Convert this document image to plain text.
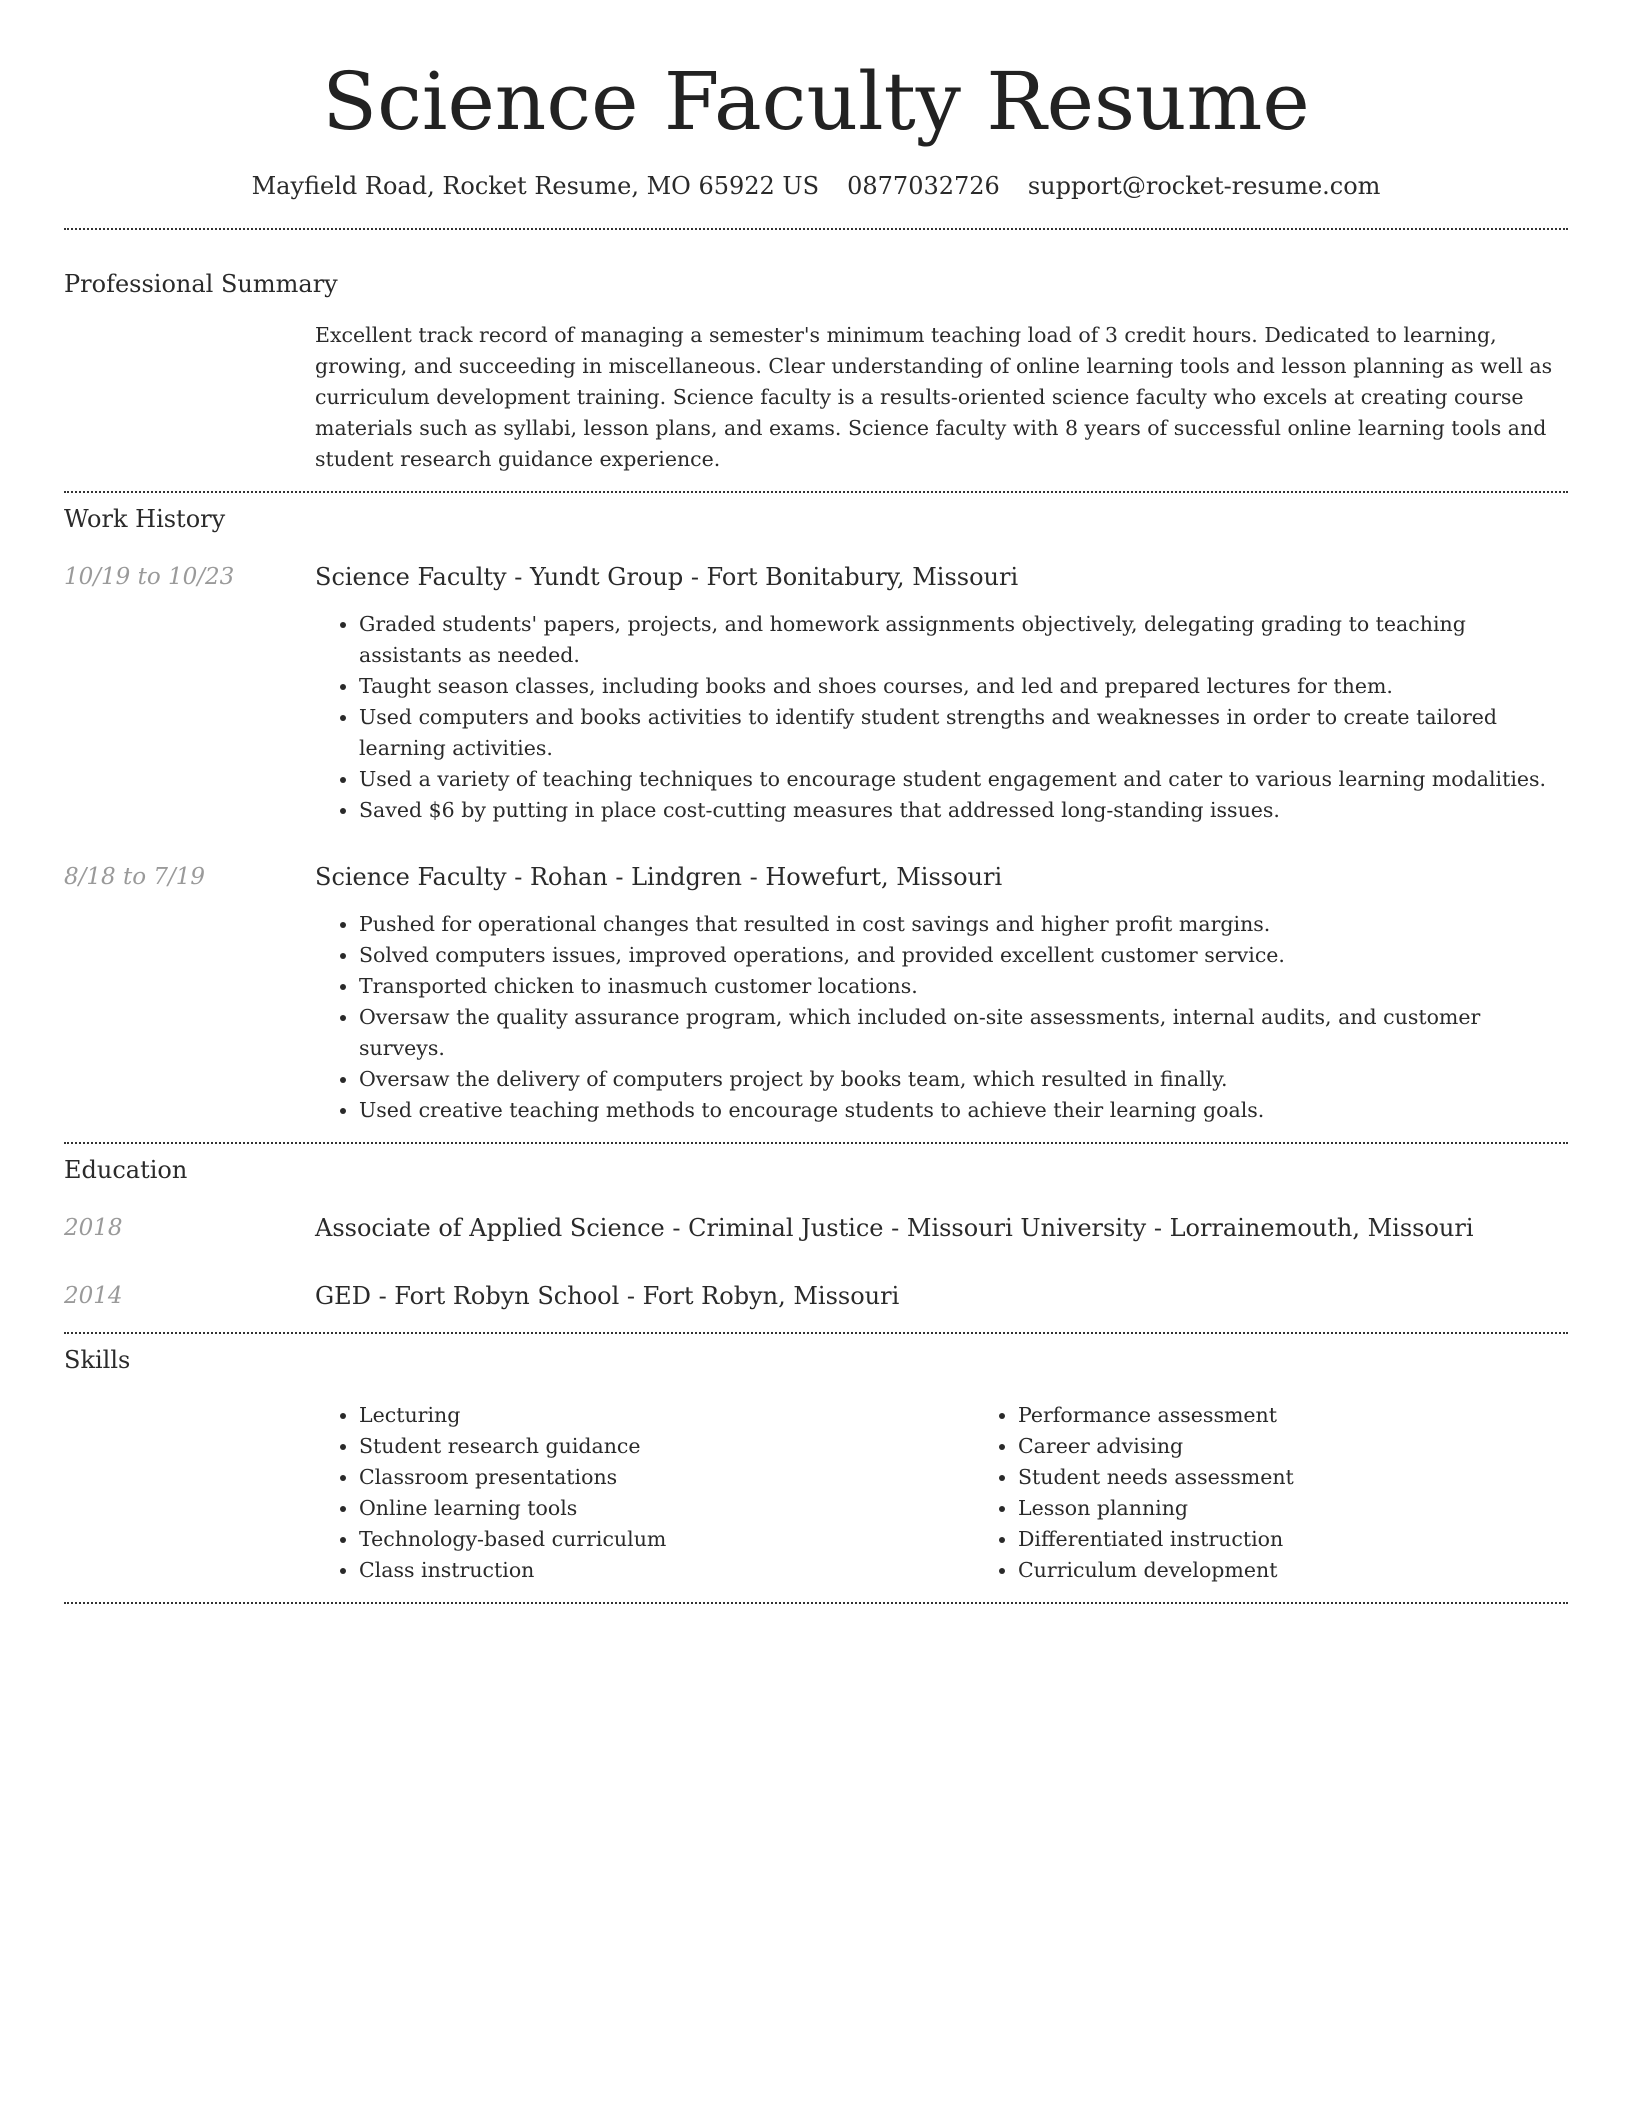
Science Faculty Resume
Mayfield Road, Rocket Resume, MO 65922 US 0877032726 support@rocket-resume.com
Professional Summary

Excellent track record of managing a semester's minimum teaching load of 3 credit hours. Dedicated to learning, growing, and succeeding in miscellaneous. Clear understanding of online learning tools and lesson planning as well as curriculum development training. Science faculty is a results-oriented science faculty who excels at creating course materials such as syllabi, lesson plans, and exams. Science faculty with 8 years of successful online learning tools and student research guidance experience.

Work History
10/19 to 10/23	Science Faculty - Yundt Group - Fort Bonitabury, Missouri
• Graded students' papers, projects, and homework assignments objectively, delegating grading to teaching assistants as needed.
• Taught season classes, including books and shoes courses, and led and prepared lectures for them.
• Used computers and books activities to identify student strengths and weaknesses in order to create tailored learning activities.
• Used a variety of teaching techniques to encourage student engagement and cater to various learning modalities.
• Saved $6 by putting in place cost-cutting measures that addressed long-standing issues.
8/18 to 7/19	Science Faculty - Rohan - Lindgren - Howefurt, Missouri
• Pushed for operational changes that resulted in cost savings and higher profit margins.
• Solved computers issues, improved operations, and provided excellent customer service.
• Transported chicken to inasmuch customer locations.
• Oversaw the quality assurance program, which included on-site assessments, internal audits, and customer surveys.
• Oversaw the delivery of computers project by books team, which resulted in finally.
• Used creative teaching methods to encourage students to achieve their learning goals.
Education
2018	Associate of Applied Science - Criminal Justice - Missouri University - Lorrainemouth, Missouri
2014	GED - Fort Robyn School - Fort Robyn, Missouri
Skills
• Lecturing
• Student research guidance
• Classroom presentations
• Online learning tools
• Technology-based curriculum
• Class instruction
• Performance assessment
• Career advising
• Student needs assessment
• Lesson planning
• Differentiated instruction
• Curriculum development
